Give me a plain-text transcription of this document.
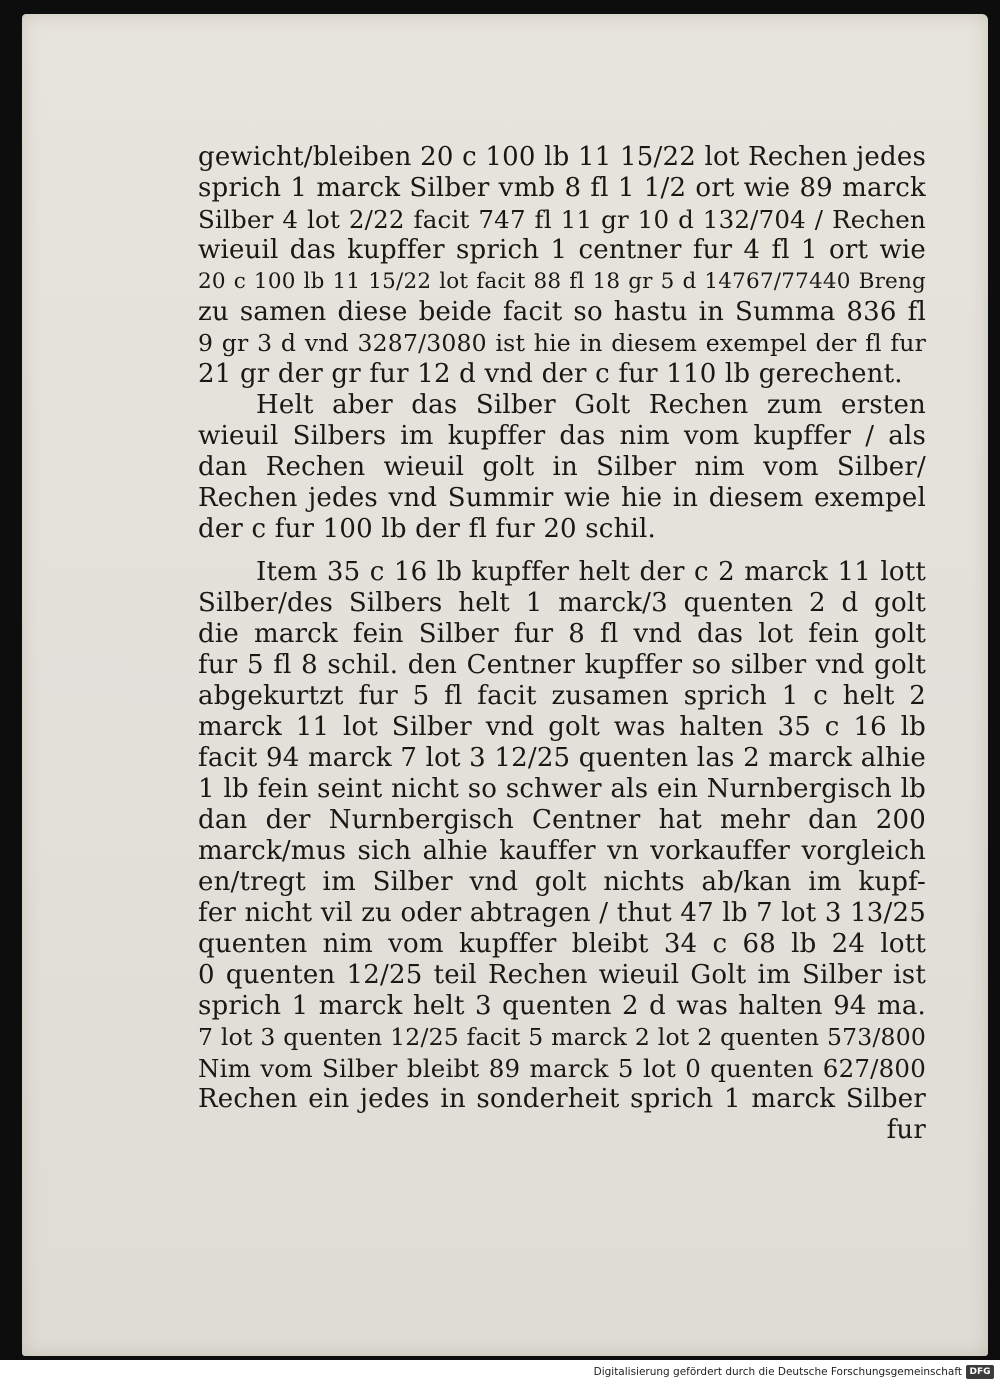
gewicht/bleiben 20 c 100 lb 11 15/22 lot Rechen jedes
sprich 1 marck Silber vmb 8 fl 1 1/2 ort wie 89 marck
Silber 4 lot 2/22 facit 747 fl 11 gr 10 d 132/704 / Rechen
wieuil das kupffer sprich 1 centner fur 4 fl 1 ort wie
20 c 100 lb 11 15/22 lot facit 88 fl 18 gr 5 d 14767/77440 Breng
zu samen diese beide facit so hastu in Summa 836 fl
9 gr 3 d vnd 3287/3080 ist hie in diesem exempel der fl fur
21 gr der gr fur 12 d vnd der c fur 110 lb gerechent.
Helt aber das Silber Golt Rechen zum ersten
wieuil Silbers im kupffer das nim vom kupffer / als
dan Rechen wieuil golt in Silber nim vom Silber/
Rechen jedes vnd Summir wie hie in diesem exempel
der c fur 100 lb der fl fur 20 schil.
Item 35 c 16 lb kupffer helt der c 2 marck 11 lott
Silber/des Silbers helt 1 marck/3 quenten 2 d golt
die marck fein Silber fur 8 fl vnd das lot fein golt
fur 5 fl 8 schil. den Centner kupffer so silber vnd golt
abgekurtzt fur 5 fl facit zusamen sprich 1 c helt 2
marck 11 lot Silber vnd golt was halten 35 c 16 lb
facit 94 marck 7 lot 3 12/25 quenten las 2 marck alhie
1 lb fein seint nicht so schwer als ein Nurnbergisch lb
dan der Nurnbergisch Centner hat mehr dan 200
marck/mus sich alhie kauffer vn vorkauffer vorgleich
en/tregt im Silber vnd golt nichts ab/kan im kupf-
fer nicht vil zu oder abtragen / thut 47 lb 7 lot 3 13/25
quenten nim vom kupffer bleibt 34 c 68 lb 24 lott
0 quenten 12/25 teil Rechen wieuil Golt im Silber ist
sprich 1 marck helt 3 quenten 2 d was halten 94 ma.
7 lot 3 quenten 12/25 facit 5 marck 2 lot 2 quenten 573/800
Nim vom Silber bleibt 89 marck 5 lot 0 quenten 627/800
Rechen ein jedes in sonderheit sprich 1 marck Silber
fur
Digitalisierung gefördert durch die Deutsche Forschungsgemeinschaft DFG
